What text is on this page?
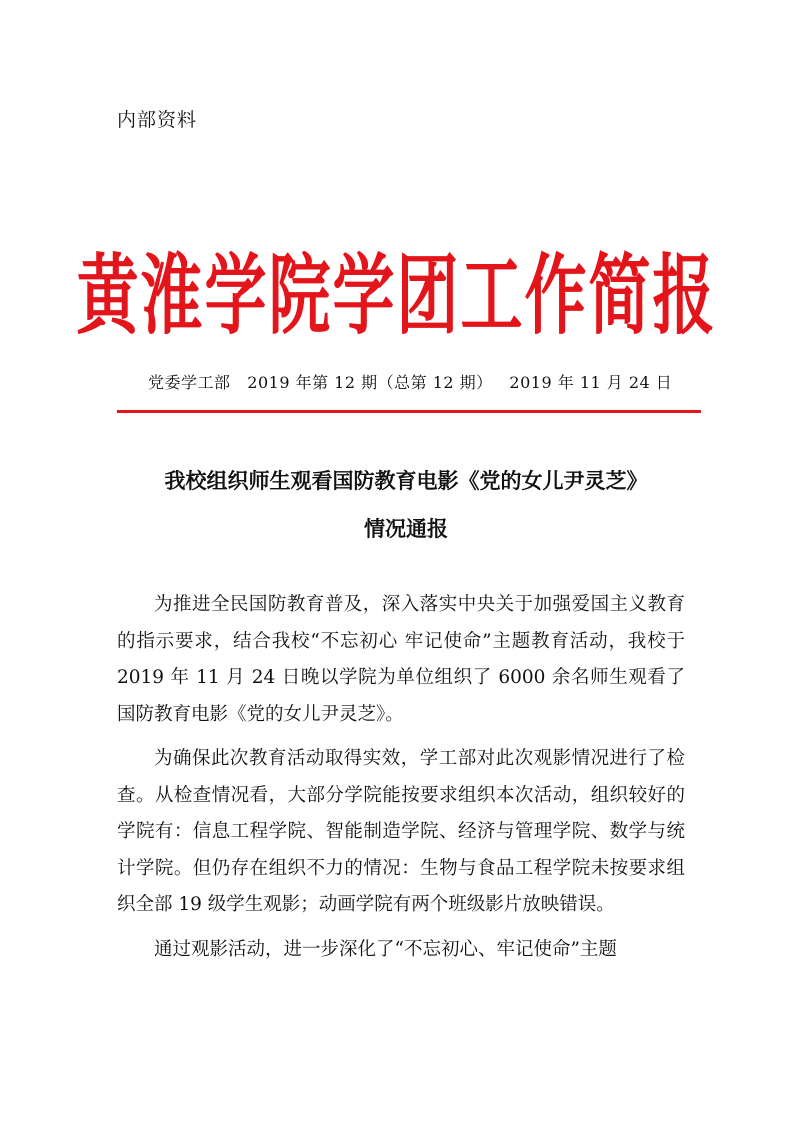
内部资料
黄淮学院学团工作简报
党委学工部 2019 年第 12 期（总第 12 期） 2019 年 11 月 24 日
我校组织师生观看国防教育电影《党的女儿尹灵芝》
情况通报

为推进全民国防教育普及，深入落实中央关于加强爱国主义教育的指示要求，结合我校“不忘初心 牢记使命”主题教育活动，我校于 2019 年 11 月 24 日晚以学院为单位组织了 6000 余名师生观看了国防教育电影《党的女儿尹灵芝》。

为确保此次教育活动取得实效，学工部对此次观影情况进行了检查。从检查情况看，大部分学院能按要求组织本次活动，组织较好的学院有：信息工程学院、智能制造学院、经济与管理学院、数学与统计学院。但仍存在组织不力的情况：生物与食品工程学院未按要求组织全部 19 级学生观影；动画学院有两个班级影片放映错误。

通过观影活动，进一步深化了“不忘初心、牢记使命”主题
